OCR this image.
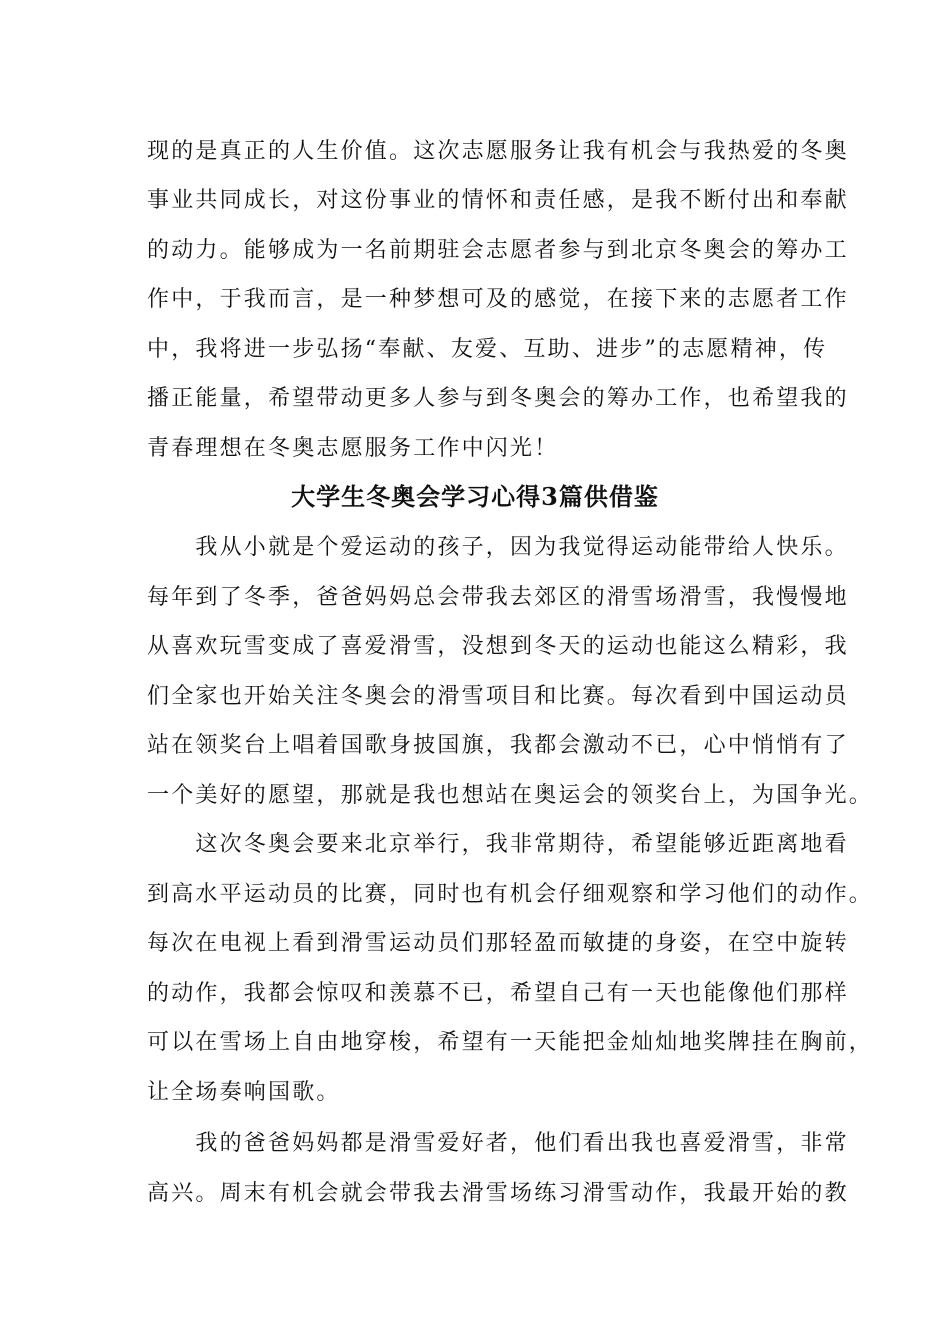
现的是真正的人生价值。这次志愿服务让我有机会与我热爱的冬奥
事业共同成长，对这份事业的情怀和责任感，是我不断付出和奉献
的动力。能够成为一名前期驻会志愿者参与到北京冬奥会的筹办工
作中，于我而言，是一种梦想可及的感觉，在接下来的志愿者工作
中，我将进一步弘扬“奉献、友爱、互助、进步”的志愿精神，传
播正能量，希望带动更多人参与到冬奥会的筹办工作，也希望我的
青春理想在冬奥志愿服务工作中闪光！
大学生冬奥会学习心得3篇供借鉴
　　我从小就是个爱运动的孩子，因为我觉得运动能带给人快乐。
每年到了冬季，爸爸妈妈总会带我去郊区的滑雪场滑雪，我慢慢地
从喜欢玩雪变成了喜爱滑雪，没想到冬天的运动也能这么精彩，我
们全家也开始关注冬奥会的滑雪项目和比赛。每次看到中国运动员
站在领奖台上唱着国歌身披国旗，我都会激动不已，心中悄悄有了
一个美好的愿望，那就是我也想站在奥运会的领奖台上，为国争光。
　　这次冬奥会要来北京举行，我非常期待，希望能够近距离地看
到高水平运动员的比赛，同时也有机会仔细观察和学习他们的动作。
每次在电视上看到滑雪运动员们那轻盈而敏捷的身姿，在空中旋转
的动作，我都会惊叹和羡慕不已，希望自己有一天也能像他们那样
可以在雪场上自由地穿梭，希望有一天能把金灿灿地奖牌挂在胸前，
让全场奏响国歌。
　　我的爸爸妈妈都是滑雪爱好者，他们看出我也喜爱滑雪，非常
高兴。周末有机会就会带我去滑雪场练习滑雪动作，我最开始的教
